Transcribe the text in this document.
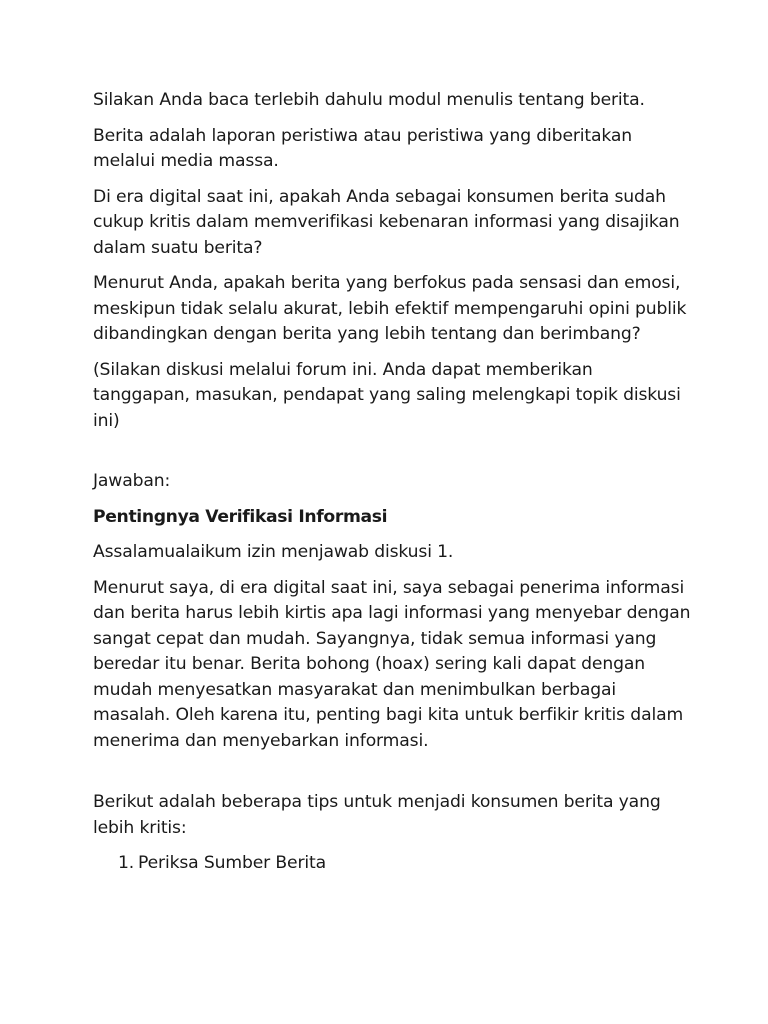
Silakan Anda baca terlebih dahulu modul menulis tentang berita.

Berita adalah laporan peristiwa atau peristiwa yang diberitakan melalui media massa.

Di era digital saat ini, apakah Anda sebagai konsumen berita sudah cukup kritis dalam memverifikasi kebenaran informasi yang disajikan dalam suatu berita?

Menurut Anda, apakah berita yang berfokus pada sensasi dan emosi, meskipun tidak selalu akurat, lebih efektif mempengaruhi opini publik dibandingkan dengan berita yang lebih tentang dan berimbang?

(Silakan diskusi melalui forum ini. Anda dapat memberikan tanggapan, masukan, pendapat yang saling melengkapi topik diskusi ini)

Jawaban:

Pentingnya Verifikasi Informasi

Assalamualaikum izin menjawab diskusi 1.

Menurut saya, di era digital saat ini, saya sebagai penerima informasi dan berita harus lebih kirtis apa lagi informasi yang menyebar dengan sangat cepat dan mudah. Sayangnya, tidak semua informasi yang beredar itu benar. Berita bohong (hoax) sering kali dapat dengan mudah menyesatkan masyarakat dan menimbulkan berbagai masalah. Oleh karena itu, penting bagi kita untuk berfikir kritis dalam menerima dan menyebarkan informasi.

Berikut adalah beberapa tips untuk menjadi konsumen berita yang lebih kritis:

1. Periksa Sumber Berita
